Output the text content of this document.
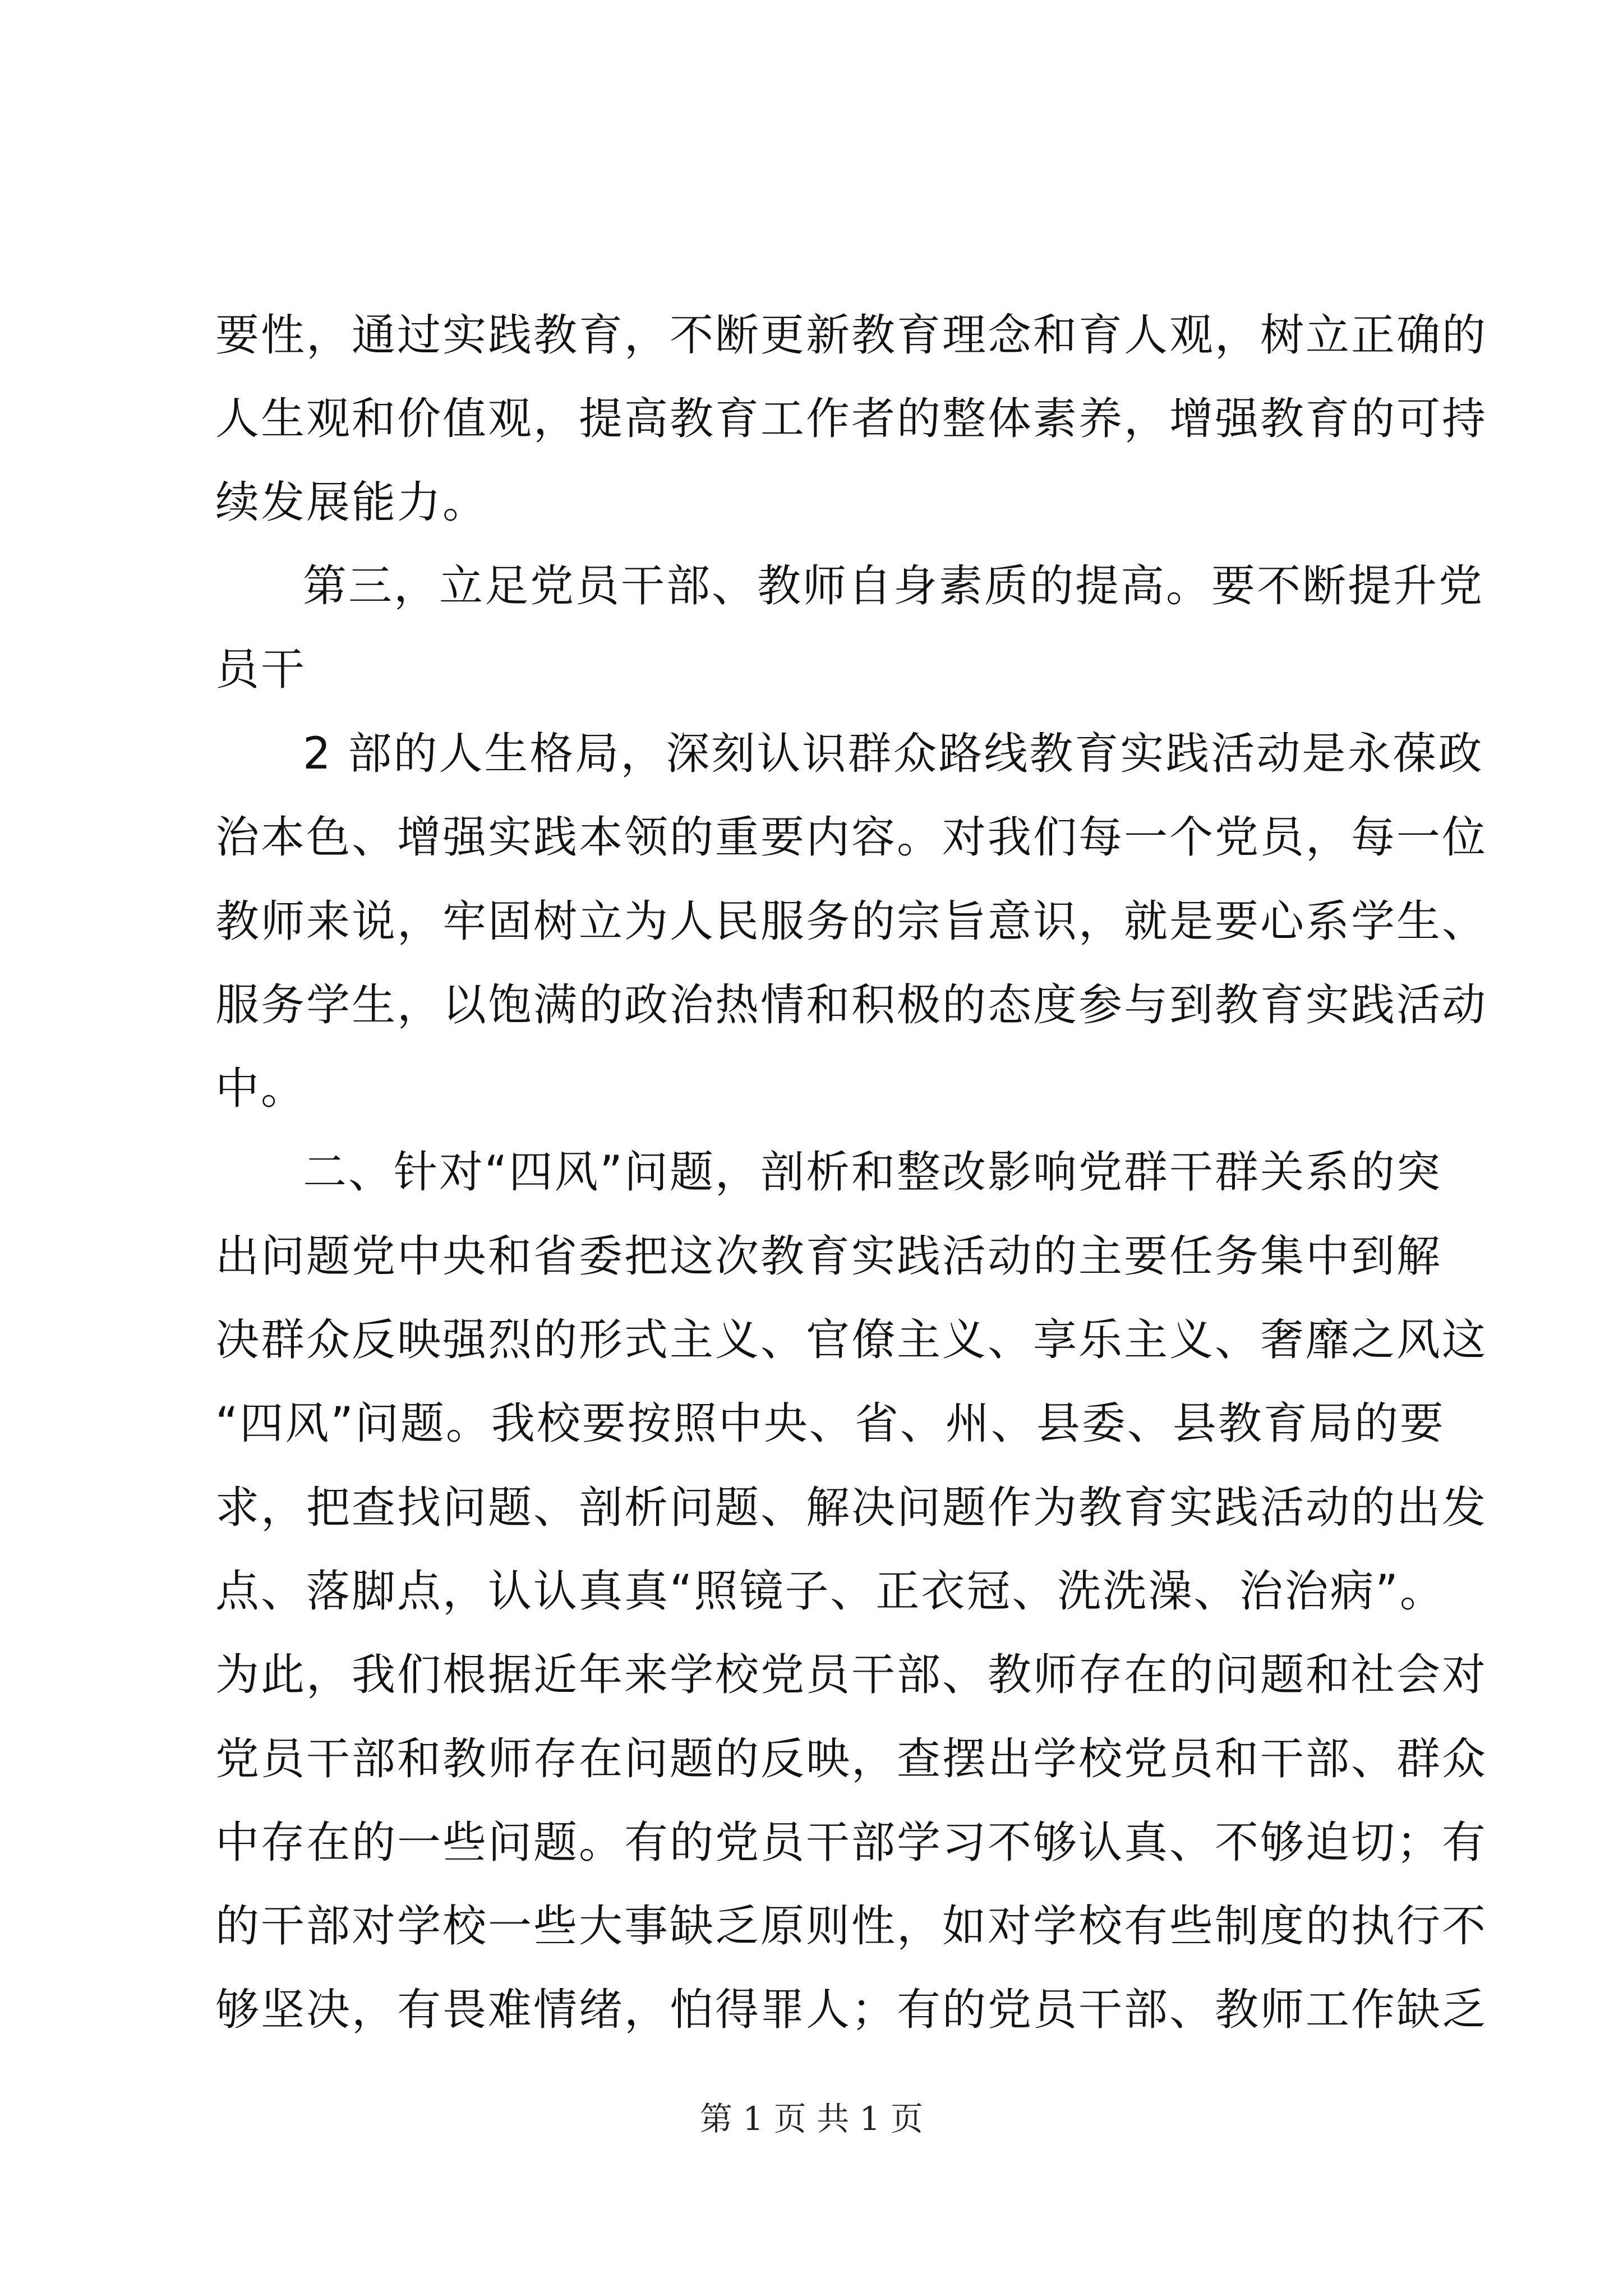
要性，通过实践教育，不断更新教育理念和育人观，树立正确的
人生观和价值观，提高教育工作者的整体素养，增强教育的可持
续发展能力。
第三，立足党员干部、教师自身素质的提高。要不断提升党
员干
2 部的人生格局，深刻认识群众路线教育实践活动是永葆政
治本色、增强实践本领的重要内容。对我们每一个党员，每一位
教师来说，牢固树立为人民服务的宗旨意识，就是要心系学生、
服务学生，以饱满的政治热情和积极的态度参与到教育实践活动
中。
二、针对“四风”问题，剖析和整改影响党群干群关系的突
出问题党中央和省委把这次教育实践活动的主要任务集中到解
决群众反映强烈的形式主义、官僚主义、享乐主义、奢靡之风这
“四风”问题。我校要按照中央、省、州、县委、县教育局的要
求，把查找问题、剖析问题、解决问题作为教育实践活动的出发
点、落脚点，认认真真“照镜子、正衣冠、洗洗澡、治治病”。
为此，我们根据近年来学校党员干部、教师存在的问题和社会对
党员干部和教师存在问题的反映，查摆出学校党员和干部、群众
中存在的一些问题。有的党员干部学习不够认真、不够迫切；有
的干部对学校一些大事缺乏原则性，如对学校有些制度的执行不
够坚决，有畏难情绪，怕得罪人；有的党员干部、教师工作缺乏
第 1 页 共 1 页
